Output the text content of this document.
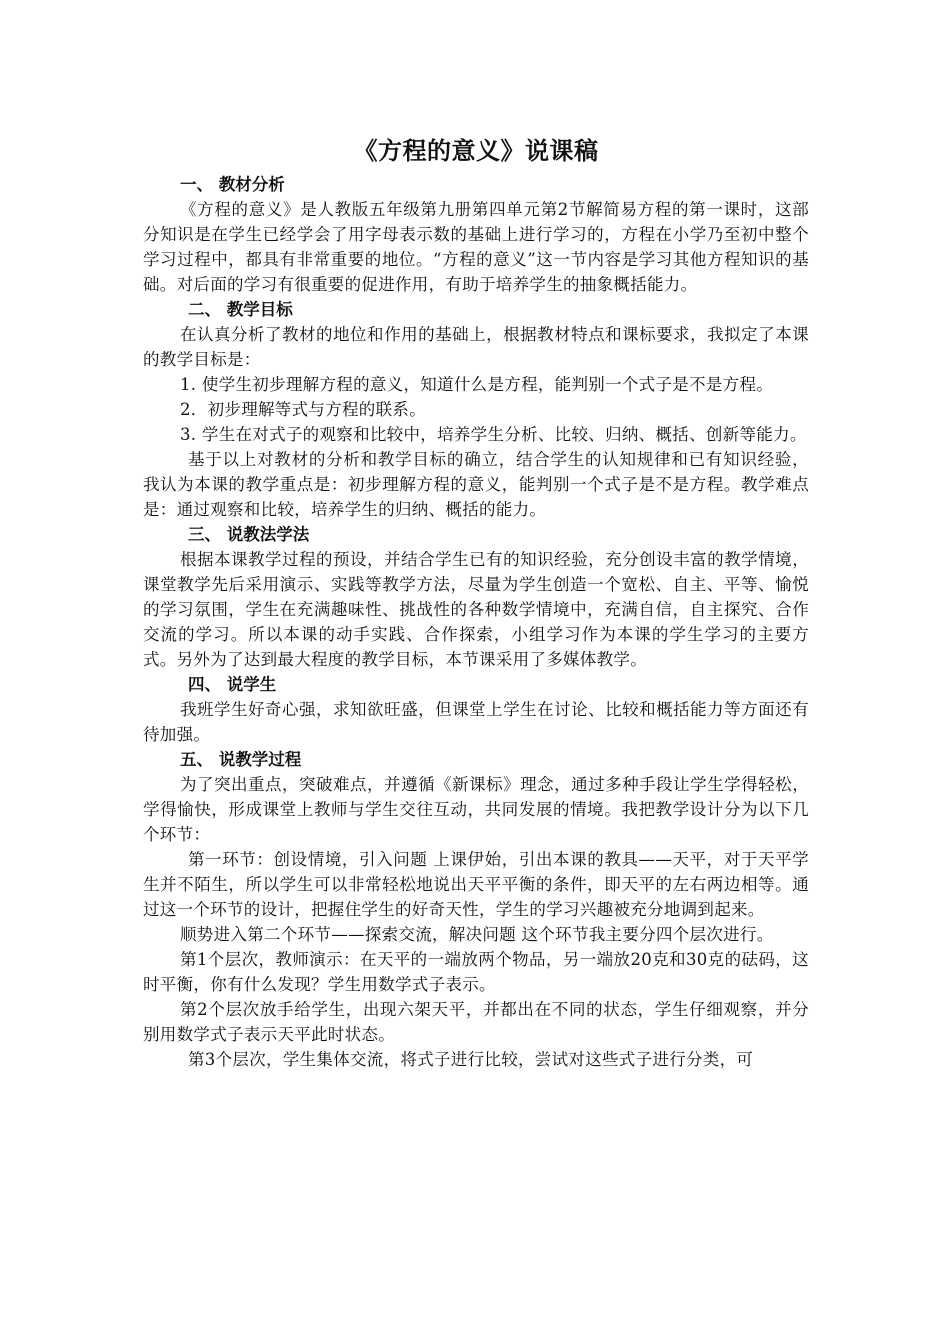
《方程的意义》说课稿

一、 教材分析

《方程的意义》是人教版五年级第九册第四单元第2节解简易方程的第一课时，这部分知识是在学生已经学会了用字母表示数的基础上进行学习的，方程在小学乃至初中整个学习过程中，都具有非常重要的地位。“方程的意义”这一节内容是学习其他方程知识的基础。对后面的学习有很重要的促进作用，有助于培养学生的抽象概括能力。

二、 教学目标

在认真分析了教材的地位和作用的基础上，根据教材特点和课标要求，我拟定了本课的教学目标是：

1. 使学生初步理解方程的意义，知道什么是方程，能判别一个式子是不是方程。

2．初步理解等式与方程的联系。

3. 学生在对式子的观察和比较中，培养学生分析、比较、归纳、概括、创新等能力。

基于以上对教材的分析和教学目标的确立，结合学生的认知规律和已有知识经验，我认为本课的教学重点是：初步理解方程的意义，能判别一个式子是不是方程。教学难点是：通过观察和比较，培养学生的归纳、概括的能力。

三、 说教法学法

根据本课教学过程的预设，并结合学生已有的知识经验，充分创设丰富的教学情境，课堂教学先后采用演示、实践等教学方法，尽量为学生创造一个宽松、自主、平等、愉悦的学习氛围，学生在充满趣味性、挑战性的各种数学情境中，充满自信，自主探究、合作交流的学习。所以本课的动手实践、合作探索，小组学习作为本课的学生学习的主要方式。另外为了达到最大程度的教学目标，本节课采用了多媒体教学。

四、 说学生

我班学生好奇心强，求知欲旺盛，但课堂上学生在讨论、比较和概括能力等方面还有待加强。

五、 说教学过程

为了突出重点，突破难点，并遵循《新课标》理念，通过多种手段让学生学得轻松，学得愉快，形成课堂上教师与学生交往互动，共同发展的情境。我把教学设计分为以下几个环节：

第一环节：创设情境，引入问题 上课伊始，引出本课的教具——天平，对于天平学生并不陌生，所以学生可以非常轻松地说出天平平衡的条件，即天平的左右两边相等。通过这一个环节的设计，把握住学生的好奇天性，学生的学习兴趣被充分地调到起来。

顺势进入第二个环节——探索交流，解决问题 这个环节我主要分四个层次进行。

第1个层次，教师演示：在天平的一端放两个物品，另一端放20克和30克的砝码，这时平衡，你有什么发现？学生用数学式子表示。

第2个层次放手给学生，出现六架天平，并都出在不同的状态，学生仔细观察，并分别用数学式子表示天平此时状态。

第3个层次，学生集体交流，将式子进行比较，尝试对这些式子进行分类，可
